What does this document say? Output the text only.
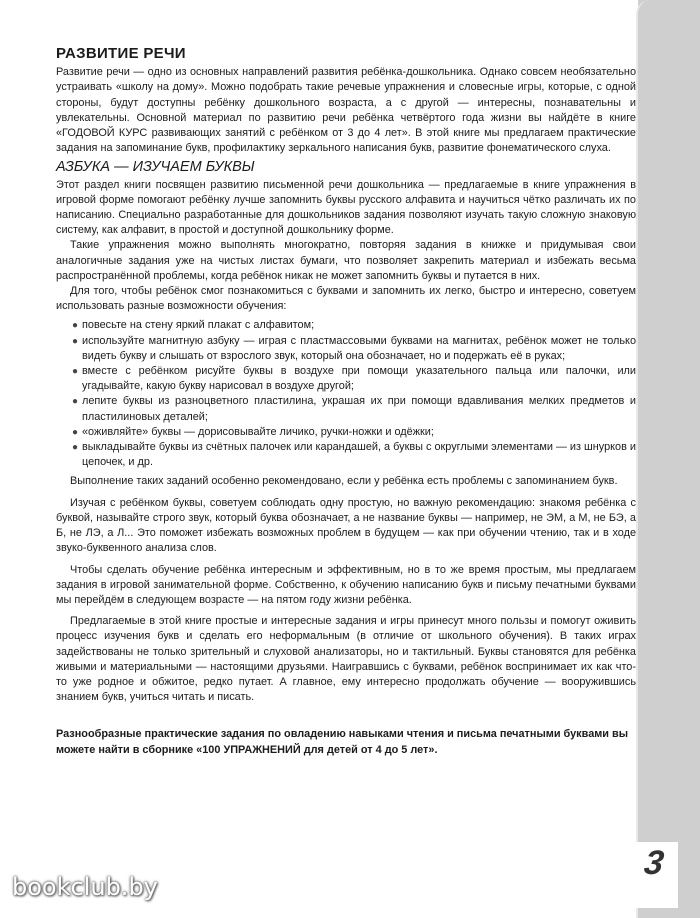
3
РАЗВИТИЕ РЕЧИ

Развитие речи — одно из основных направлений развития ребёнка-дошкольника. Однако совсем необязательно устраивать «школу на дому». Можно подобрать такие речевые упражнения и словесные игры, которые, с одной стороны, будут доступны ребёнку дошкольного возраста, а с другой — интересны, познавательны и увлекательны. Основной материал по развитию речи ребёнка четвёртого года жизни вы найдёте в книге «ГОДОВОЙ КУРС развивающих занятий с ребёнком от 3 до 4 лет». В этой книге мы предлагаем практические задания на запоминание букв, профилактику зеркального написания букв, развитие фонематического слуха.

АЗБУКА — ИЗУЧАЕМ БУКВЫ

Этот раздел книги посвящен развитию письменной речи дошкольника — предлагаемые в книге упражнения в игровой форме помогают ребёнку лучше запомнить буквы русского алфавита и научиться чётко различать их по написанию. Специально разработанные для дошкольников задания позволяют изучать такую сложную знаковую систему, как алфавит, в простой и доступной дошкольнику форме.

Такие упражнения можно выполнять многократно, повторяя задания в книжке и придумывая свои аналогичные задания уже на чистых листах бумаги, что позволяет закрепить материал и избежать весьма распространённой проблемы, когда ребёнок никак не может запомнить буквы и путается в них.

Для того, чтобы ребёнок смог познакомиться с буквами и запомнить их легко, быстро и интересно, советуем использовать разные возможности обучения:

● повесьте на стену яркий плакат с алфавитом;
● используйте магнитную азбуку — играя с пластмассовыми буквами на магнитах, ребёнок может не только видеть букву и слышать от взрослого звук, который она обозначает, но и подержать её в руках;
● вместе с ребёнком рисуйте буквы в воздухе при помощи указательного пальца или палочки, или угадывайте, какую букву нарисовал в воздухе другой;
● лепите буквы из разноцветного пластилина, украшая их при помощи вдавливания мелких предметов и пластилиновых деталей;
● «оживляйте» буквы — дорисовывайте личико, ручки-ножки и одёжки;
● выкладывайте буквы из счётных палочек или карандашей, а буквы с округлыми элементами — из шнурков и цепочек, и др.

Выполнение таких заданий особенно рекомендовано, если у ребёнка есть проблемы с запоминанием букв.

Изучая с ребёнком буквы, советуем соблюдать одну простую, но важную рекомендацию: знакомя ребёнка с буквой, называйте строго звук, который буква обозначает, а не название буквы — например, не ЭМ, а М, не БЭ, а Б, не ЛЭ, а Л... Это поможет избежать возможных проблем в будущем — как при обучении чтению, так и в ходе звуко-буквенного анализа слов.

Чтобы сделать обучение ребёнка интересным и эффективным, но в то же время простым, мы предлагаем задания в игровой занимательной форме. Собственно, к обучению написанию букв и письму печатными буквами мы перейдём в следующем возрасте — на пятом году жизни ребёнка.

Предлагаемые в этой книге простые и интересные задания и игры принесут много пользы и помогут оживить процесс изучения букв и сделать его неформальным (в отличие от школьного обучения). В таких играх задействованы не только зрительный и слуховой анализаторы, но и тактильный. Буквы становятся для ребёнка живыми и материальными — настоящими друзьями. Наигравшись с буквами, ребёнок воспринимает их как что-то уже родное и обжитое, редко путает. А главное, ему интересно продолжать обучение — вооружившись знанием букв, учиться читать и писать.

Разнообразные практические задания по овладению навыками чтения и письма печатными буквами вы можете найти в сборнике «100 УПРАЖНЕНИЙ для детей от 4 до 5 лет».

bookclub.by
